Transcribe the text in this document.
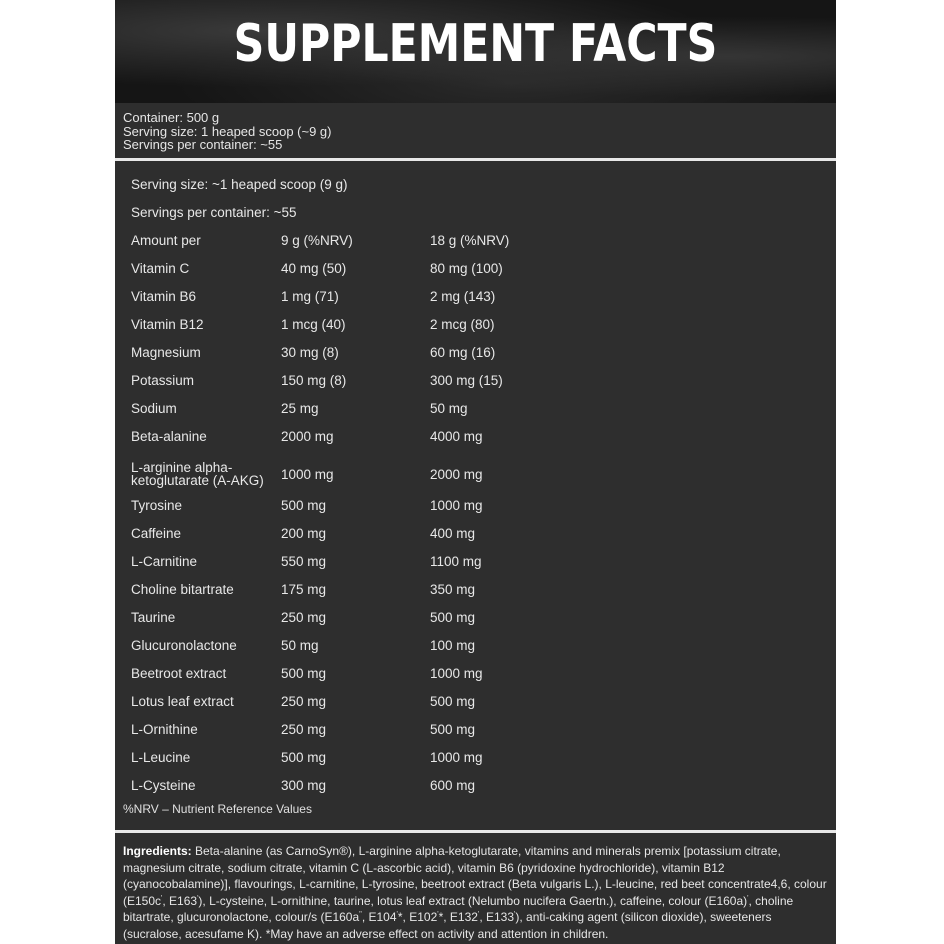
SUPPLEMENT FACTS
Container: 500 g
Serving size: 1 heaped scoop (~9 g)
Servings per container: ~55
Serving size: ~1 heaped scoop (9 g)
Servings per container: ~55
Amount per	9 g (%NRV)	18 g (%NRV)
Vitamin C	40 mg (50)	80 mg (100)
Vitamin B6	1 mg (71)	2 mg (143)
Vitamin B12	1 mcg (40)	2 mcg (80)
Magnesium	30 mg (8)	60 mg (16)
Potassium	150 mg (8)	300 mg (15)
Sodium	25 mg	50 mg
Beta-alanine	2000 mg	4000 mg
L-arginine alpha-ketoglutarate (A-AKG)	1000 mg	2000 mg
Tyrosine	500 mg	1000 mg
Caffeine	200 mg	400 mg
L-Carnitine	550 mg	1100 mg
Choline bitartrate	175 mg	350 mg
Taurine	250 mg	500 mg
Glucuronolactone	50 mg	100 mg
Beetroot extract	500 mg	1000 mg
Lotus leaf extract	250 mg	500 mg
L-Ornithine	250 mg	500 mg
L-Leucine	500 mg	1000 mg
L-Cysteine	300 mg	600 mg
%NRV – Nutrient Reference Values
Ingredients: Beta-alanine (as CarnoSyn®), L-arginine alpha-ketoglutarate, vitamins and minerals premix [potassium citrate, magnesium citrate, sodium citrate, vitamin C (L-ascorbic acid), vitamin B6 (pyridoxine hydrochloride), vitamin B12 (cyanocobalamine)], flavourings, L-carnitine, L-tyrosine, beetroot extract (Beta vulgaris L.), L-leucine, red beet concentrate4,6, colour (E150c', E163'), L-cysteine, L-ornithine, taurine, lotus leaf extract (Nelumbo nucifera Gaertn.), caffeine, colour (E160a)', choline bitartrate, glucuronolactone, colour/s (E160a'', E104'*, E102'*, E132', E133'), anti-caking agent (silicon dioxide), sweeteners (sucralose, acesufame K). *May have an adverse effect on activity and attention in children.
